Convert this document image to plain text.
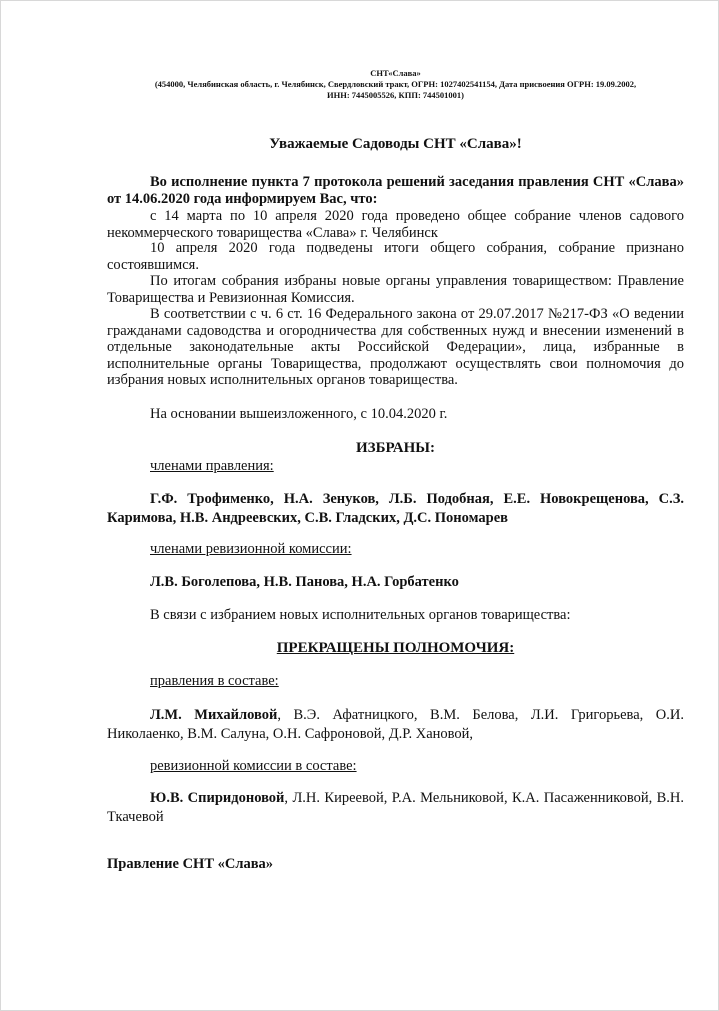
СНТ«Слава»
(454000, Челябинская область, г. Челябинск, Свердловский тракт, ОГРН: 1027402541154, Дата присвоения ОГРН: 19.09.2002,
ИНН: 7445005526, КПП: 744501001)
Уважаемые Садоводы СНТ «Слава»!
Во исполнение пункта 7 протокола решений заседания правления СНТ «Слава» от 14.06.2020 года информируем Вас, что:
с 14 марта по 10 апреля 2020 года проведено общее собрание членов садового некоммерческого товарищества «Слава» г. Челябинск
10 апреля 2020 года подведены итоги общего собрания, собрание признано состоявшимся.
По итогам собрания избраны новые органы управления товариществом: Правление Товарищества и Ревизионная Комиссия.
В соответствии с ч. 6 ст. 16 Федерального закона от 29.07.2017 №217-ФЗ «О ведении гражданами садоводства и огородничества для собственных нужд и внесении изменений в отдельные законодательные акты Российской Федерации», лица, избранные в исполнительные органы Товарищества, продолжают осуществлять свои полномочия до избрания новых исполнительных органов товарищества.
На основании вышеизложенного, с 10.04.2020 г.
ИЗБРАНЫ:
членами правления:
Г.Ф. Трофименко, Н.А. Зенуков, Л.Б. Подобная, Е.Е. Новокрещенова, С.З. Каримова, Н.В. Андреевских, С.В. Гладских, Д.С. Пономарев
членами ревизионной комиссии:
Л.В. Боголепова, Н.В. Панова, Н.А. Горбатенко
В связи с избранием новых исполнительных органов товарищества:
ПРЕКРАЩЕНЫ ПОЛНОМОЧИЯ:
правления в составе:
Л.М. Михайловой, В.Э. Афатницкого, В.М. Белова, Л.И. Григорьева, О.И. Николаенко, В.М. Салуна, О.Н. Сафроновой, Д.Р. Хановой,
ревизионной комиссии в составе:
Ю.В. Спиридоновой, Л.Н. Киреевой, Р.А. Мельниковой, К.А. Пасаженниковой, В.Н. Ткачевой
Правление СНТ «Слава»
